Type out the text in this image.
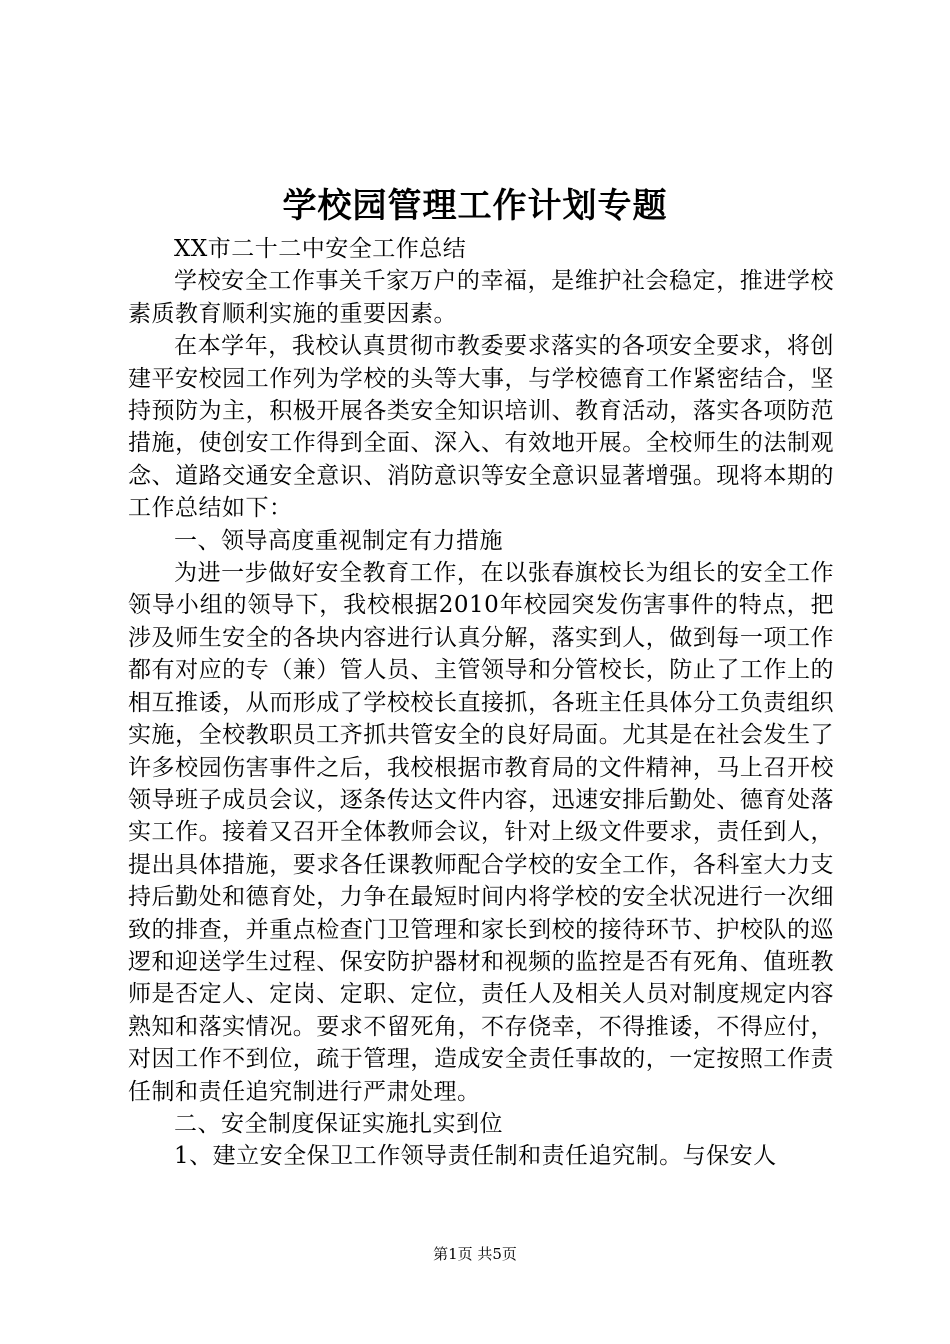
学校园管理工作计划专题

XX市二十二中安全工作总结

学校安全工作事关千家万户的幸福，是维护社会稳定，推进学校素质教育顺利实施的重要因素。

在本学年，我校认真贯彻市教委要求落实的各项安全要求，将创建平安校园工作列为学校的头等大事，与学校德育工作紧密结合，坚持预防为主，积极开展各类安全知识培训、教育活动，落实各项防范措施，使创安工作得到全面、深入、有效地开展。全校师生的法制观念、道路交通安全意识、消防意识等安全意识显著增强。现将本期的工作总结如下：

一、领导高度重视制定有力措施

为进一步做好安全教育工作，在以张春旗校长为组长的安全工作领导小组的领导下，我校根据2010年校园突发伤害事件的特点，把涉及师生安全的各块内容进行认真分解，落实到人，做到每一项工作都有对应的专（兼）管人员、主管领导和分管校长，防止了工作上的相互推诿，从而形成了学校校长直接抓，各班主任具体分工负责组织实施，全校教职员工齐抓共管安全的良好局面。尤其是在社会发生了许多校园伤害事件之后，我校根据市教育局的文件精神，马上召开校领导班子成员会议，逐条传达文件内容，迅速安排后勤处、德育处落实工作。接着又召开全体教师会议，针对上级文件要求，责任到人，提出具体措施，要求各任课教师配合学校的安全工作，各科室大力支持后勤处和德育处，力争在最短时间内将学校的安全状况进行一次细致的排查，并重点检查门卫管理和家长到校的接待环节、护校队的巡逻和迎送学生过程、保安防护器材和视频的监控是否有死角、值班教师是否定人、定岗、定职、定位，责任人及相关人员对制度规定内容熟知和落实情况。要求不留死角，不存侥幸，不得推诿，不得应付，对因工作不到位，疏于管理，造成安全责任事故的，一定按照工作责任制和责任追究制进行严肃处理。

二、安全制度保证实施扎实到位

1、建立安全保卫工作领导责任制和责任追究制。与保安人

第1页 共5页
